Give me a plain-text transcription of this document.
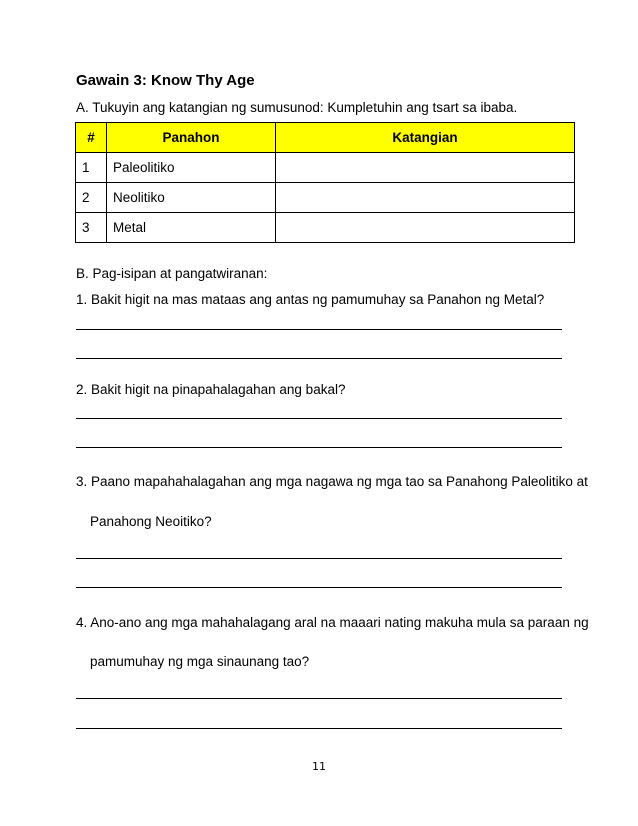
Gawain 3: Know Thy Age
A. Tukuyin ang katangian ng sumusunod: Kumpletuhin ang tsart sa ibaba.
#	Panahon	Katangian
1	Paleolitiko	
2	Neolitiko	
3	Metal	
B. Pag-isipan at pangatwiranan:
1. Bakit higit na mas mataas ang antas ng pamumuhay sa Panahon ng Metal?
2. Bakit higit na pinapahalagahan ang bakal?
3. Paano mapahahalagahan ang mga nagawa ng mga tao sa Panahong Paleolitiko at
Panahong Neoitiko?
4. Ano-ano ang mga mahahalagang aral na maaari nating makuha mula sa paraan ng
pamumuhay ng mga sinaunang tao?
11
